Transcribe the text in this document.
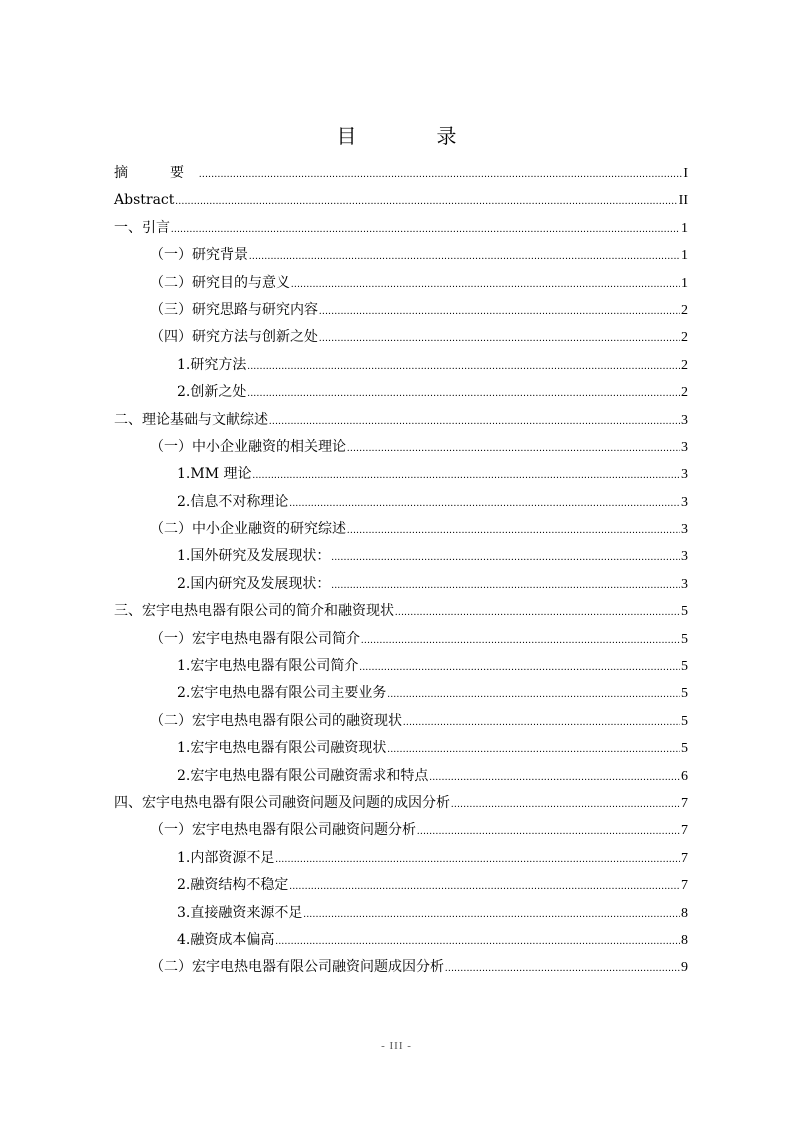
目　录
摘　要 .....	I
Abstract .....	II
一、引言 .....	1
（一）研究背景 .....	1
（二）研究目的与意义 .....	1
（三）研究思路与研究内容 .....	2
（四）研究方法与创新之处 .....	2
1.研究方法 .....	2
2.创新之处 .....	2
二、理论基础与文献综述 .....	3
（一）中小企业融资的相关理论 .....	3
1.MM 理论 .....	3
2.信息不对称理论 .....	3
（二）中小企业融资的研究综述 .....	3
1.国外研究及发展现状： .....	3
2.国内研究及发展现状： .....	3
三、宏宇电热电器有限公司的简介和融资现状 .....	5
（一）宏宇电热电器有限公司简介 .....	5
1.宏宇电热电器有限公司简介 .....	5
2.宏宇电热电器有限公司主要业务 .....	5
（二）宏宇电热电器有限公司的融资现状 .....	5
1.宏宇电热电器有限公司融资现状 .....	5
2.宏宇电热电器有限公司融资需求和特点 .....	6
四、宏宇电热电器有限公司融资问题及问题的成因分析 .....	7
（一）宏宇电热电器有限公司融资问题分析 .....	7
1.内部资源不足 .....	7
2.融资结构不稳定 .....	7
3.直接融资来源不足 .....	8
4.融资成本偏高 .....	8
（二）宏宇电热电器有限公司融资问题成因分析 .....	9
- III -
